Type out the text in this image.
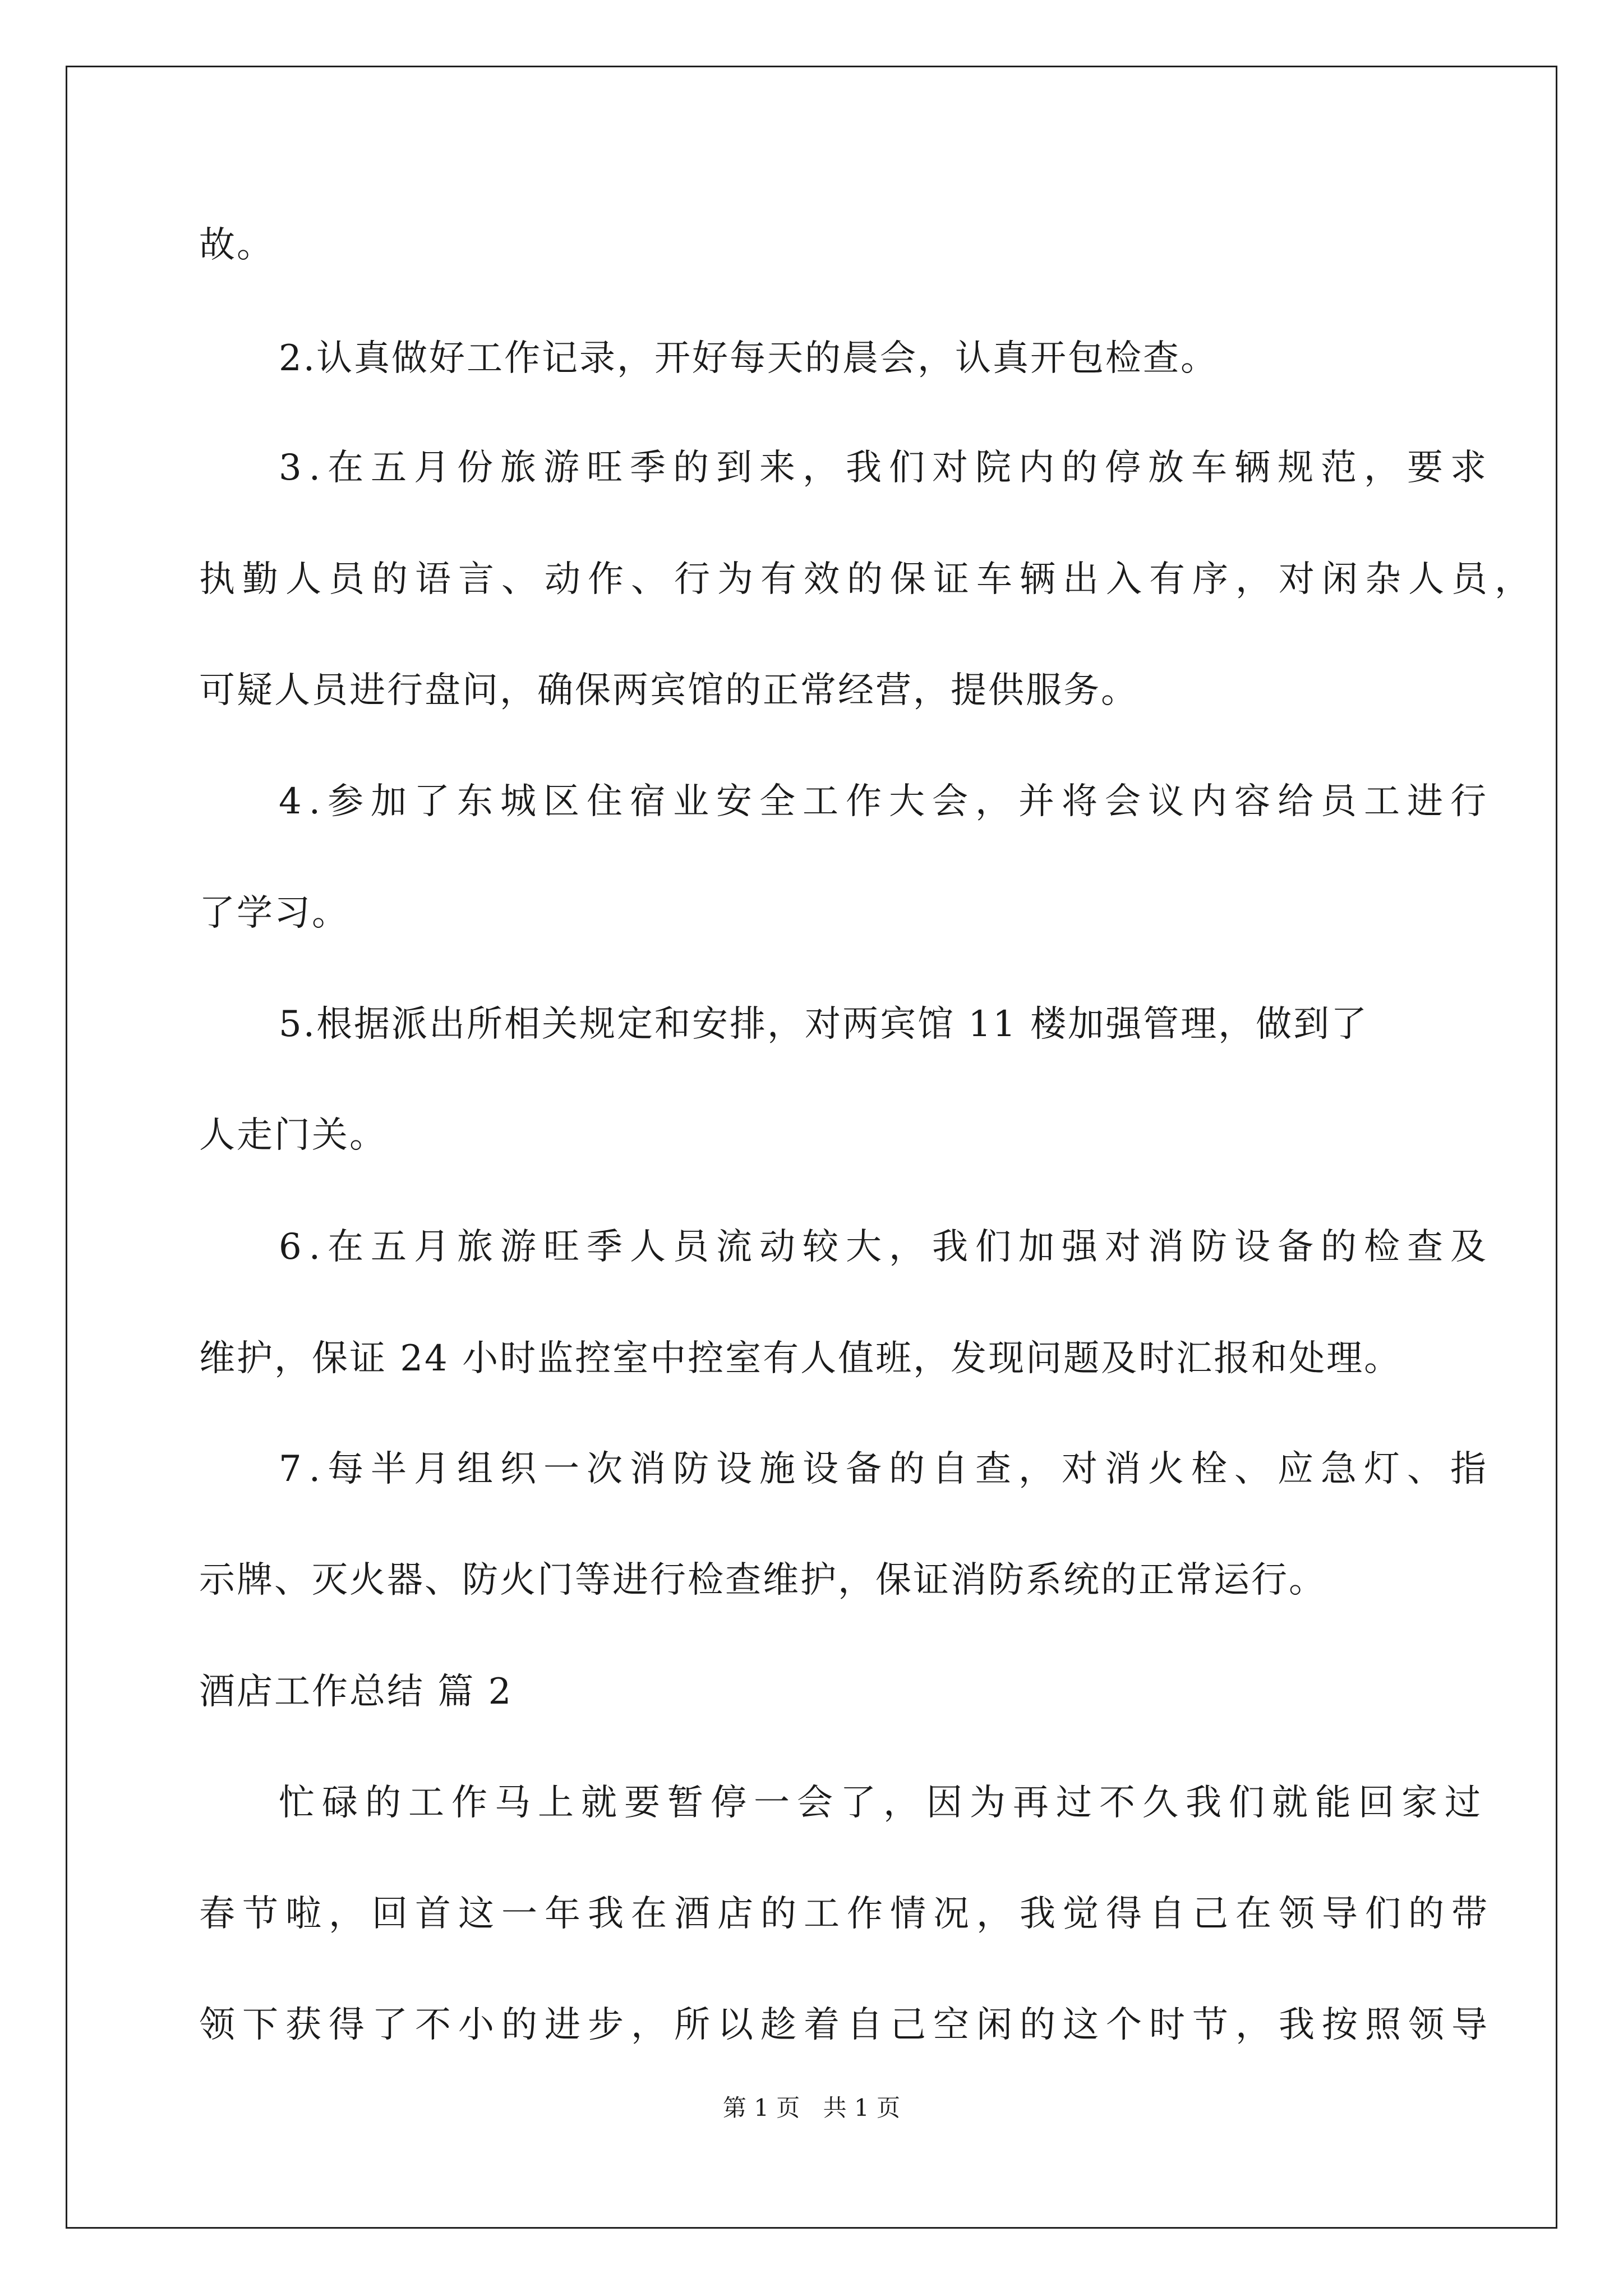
故。
2.认真做好工作记录，开好每天的晨会，认真开包检查。
3.在五月份旅游旺季的到来，我们对院内的停放车辆规范，要求
执勤人员的语言、动作、行为有效的保证车辆出入有序，对闲杂人员，
可疑人员进行盘问，确保两宾馆的正常经营，提供服务。
4.参加了东城区住宿业安全工作大会，并将会议内容给员工进行
了学习。
5.根据派出所相关规定和安排，对两宾馆 11 楼加强管理，做到了
人走门关。
6.在五月旅游旺季人员流动较大，我们加强对消防设备的检查及
维护，保证 24 小时监控室中控室有人值班，发现问题及时汇报和处理。
7.每半月组织一次消防设施设备的自查，对消火栓、应急灯、指
示牌、灭火器、防火门等进行检查维护，保证消防系统的正常运行。
酒店工作总结 篇 2
忙碌的工作马上就要暂停一会了，因为再过不久我们就能回家过
春节啦，回首这一年我在酒店的工作情况，我觉得自己在领导们的带
领下获得了不小的进步，所以趁着自己空闲的这个时节，我按照领导
第 1 页 共 1 页
